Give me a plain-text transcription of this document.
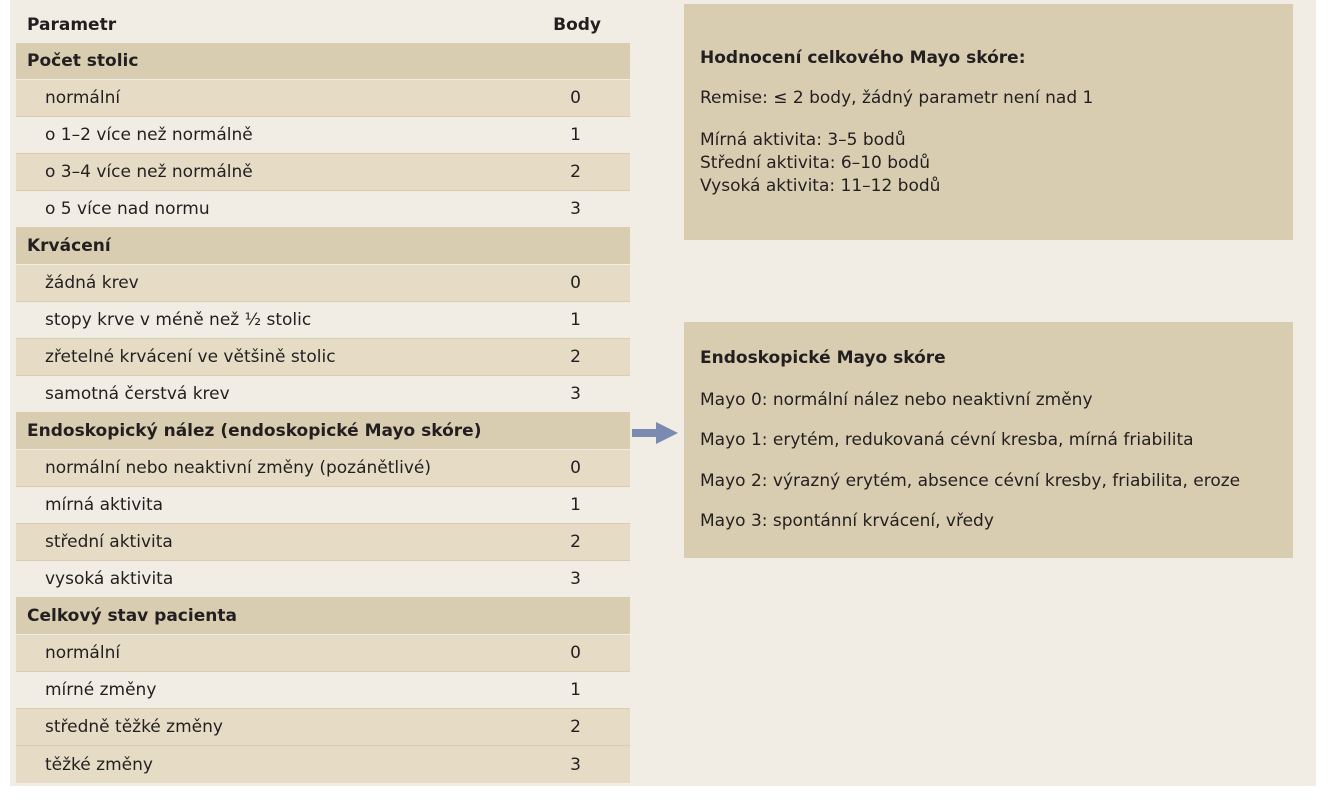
Parametr	Body
Počet stolic
normální	0
o 1–2 více než normálně	1
o 3–4 více než normálně	2
o 5 více nad normu	3
Krvácení
žádná krev	0
stopy krve v méně než ½ stolic	1
zřetelné krvácení ve většině stolic	2
samotná čerstvá krev	3
Endoskopický nález (endoskopické Mayo skóre)
normální nebo neaktivní změny (pozánětlivé)	0
mírná aktivita	1
střední aktivita	2
vysoká aktivita	3
Celkový stav pacienta
normální	0
mírné změny	1
středně těžké změny	2
těžké změny	3
Hodnocení celkového Mayo skóre:
Remise: ≤ 2 body, žádný parametr není nad 1
Mírná aktivita: 3–5 bodů
Střední aktivita: 6–10 bodů
Vysoká aktivita: 11–12 bodů
Endoskopické Mayo skóre
Mayo 0: normální nález nebo neaktivní změny
Mayo 1: erytém, redukovaná cévní kresba, mírná friabilita
Mayo 2: výrazný erytém, absence cévní kresby, friabilita, eroze
Mayo 3: spontánní krvácení, vředy
